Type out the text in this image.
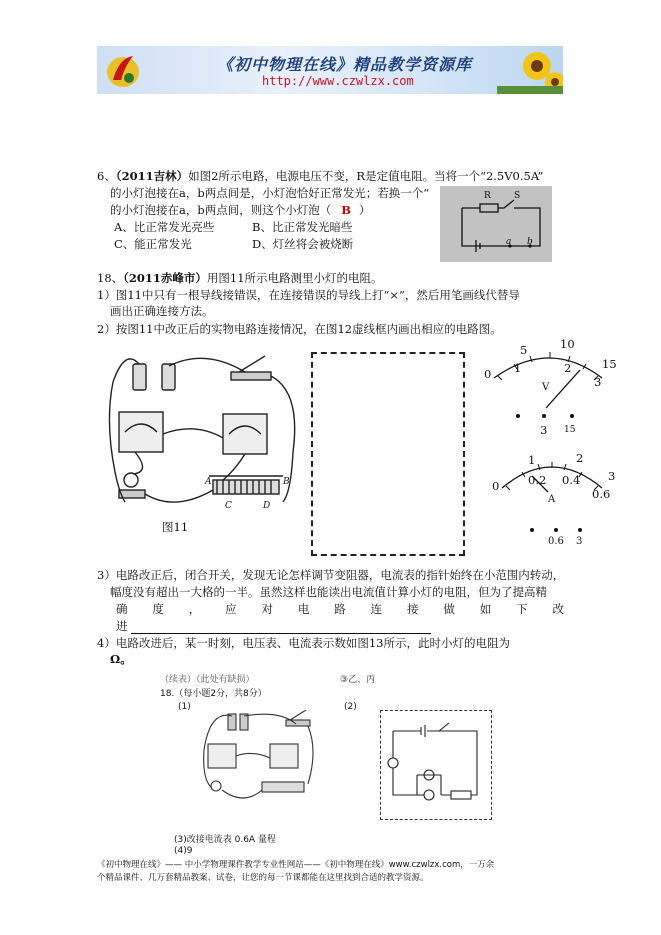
《初中物理在线》精品教学资源库
http://www.czwlzx.com
6、（2011吉林）如图2所示电路，电源电压不变，R是定值电阻。当将一个“2.5V0.5A”
的小灯泡接在a，b两点间是，小灯泡恰好正常发光；若换一个“	R	S
a b
的小灯泡接在a，b两点间，则这个小灯泡（ B ）
A、比正常发光亮些	B、比正常发光暗些
C、能正常发光	D、灯丝将会被烧断
18、（2011赤峰市）用图11所示电路测里小灯的电阻。
1）图11中只有一根导线接错误，在连接错误的导线上打“×”，然后用笔画线代替导
画出正确连接方法。
2）按图11中改正后的实物电路连接情况，在图12虚线框内画出相应的电路图。
A	B
C	D
图11
0 1	2
3
5	10
15
V
3 15
0 0.2 0.4
0.6
1	2
3
A
0.6 3
3）电路改正后，闭合开关，发现无论怎样调节变阻器，电流表的指针始终在小范围内转动，
幅度没有超出一大格的一半。虽然这样也能读出电流值计算小灯的电阻，但为了提高精
确 度 ， 应 对 电 路 连 接 做 如 下 改
进
4）电路改进后，某一时刻，电压表、电流表示数如图13所示，此时小灯的电阻为
Ω。
（续表）（此处有缺损）	③乙、丙
18.（每小题2分，共8分）
(1)	(2)
(3)改接电流表 0.6A 量程
(4)9
《初中物理在线》—— 中小学物理课件教学专业性网站——《初中物理在线》www.czwlzx.com，一万余
个精品课件、几万套精品教案、试卷，让您的每一节课都能在这里找到合适的教学资源。
